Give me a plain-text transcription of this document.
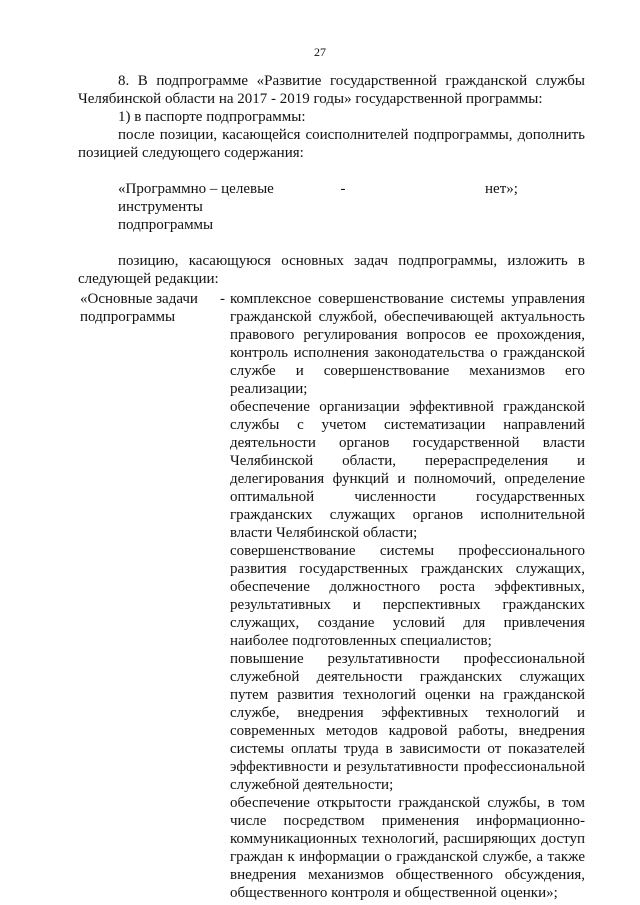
27

8. В подпрограмме «Развитие государственной гражданской службы Челябинской области на 2017 - 2019 годы» государственной программы:

1) в паспорте подпрограммы:

после позиции, касающейся соисполнителей подпрограммы, дополнить позицией следующего содержания:

«Программно – целевые инструменты подпрограммы
-	нет»;

позицию, касающуюся основных задач подпрограммы, изложить в следующей редакции:

«Основные задачи подпрограммы
- комплексное совершенствование системы управления гражданской службой, обеспечивающей актуальность правового регулирования вопросов ее прохождения, контроль исполнения законодательства о гражданской службе и совершенствование механизмов его реализации;

обеспечение организации эффективной гражданской службы с учетом систематизации направлений деятельности органов государственной власти Челябинской области, перераспределения и делегирования функций и полномочий, определение оптимальной численности государственных гражданских служащих органов исполнительной власти Челябинской области;

совершенствование системы профессионального развития государственных гражданских служащих, обеспечение должностного роста эффективных, результативных и перспективных гражданских служащих, создание условий для привлечения наиболее подготовленных специалистов;

повышение результативности профессиональной служебной деятельности гражданских служащих путем развития технологий оценки на гражданской службе, внедрения эффективных технологий и современных методов кадровой работы, внедрения системы оплаты труда в зависимости от показателей эффективности и результативности профессиональной служебной деятельности;

обеспечение открытости гражданской службы, в том числе посредством применения информационно-коммуникационных технологий, расширяющих доступ граждан к информации о гражданской службе, а также внедрения механизмов общественного обсуждения, общественного контроля и общественной оценки»;
